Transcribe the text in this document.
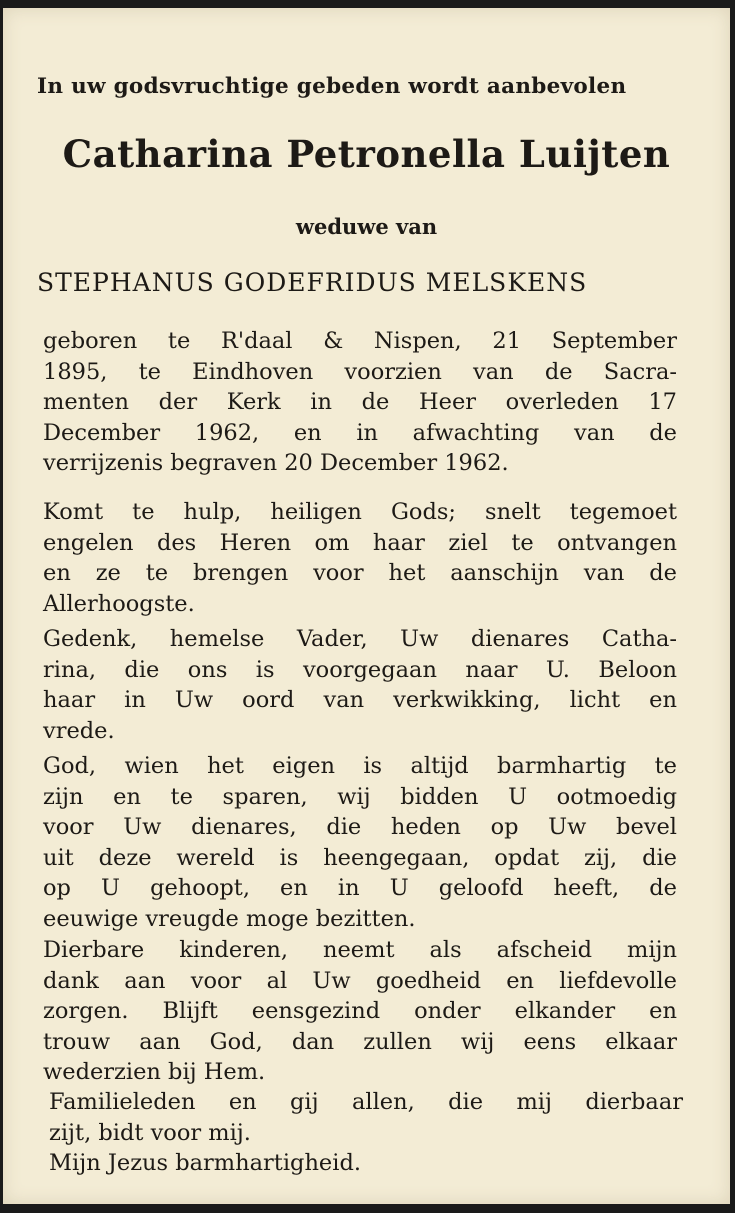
In uw godsvruchtige gebeden wordt aanbevolen
Catharina Petronella Luijten
weduwe van
STEPHANUS GODEFRIDUS MELSKENS
geboren te R'daal & Nispen, 21 September
1895, te Eindhoven voorzien van de Sacra-
menten der Kerk in de Heer overleden 17
December 1962, en in afwachting van de
verrijzenis begraven 20 December 1962.
Komt te hulp, heiligen Gods; snelt tegemoet
engelen des Heren om haar ziel te ontvangen
en ze te brengen voor het aanschijn van de
Allerhoogste.
Gedenk, hemelse Vader, Uw dienares Catha-
rina, die ons is voorgegaan naar U. Beloon
haar in Uw oord van verkwikking, licht en
vrede.
God, wien het eigen is altijd barmhartig te
zijn en te sparen, wij bidden U ootmoedig
voor Uw dienares, die heden op Uw bevel
uit deze wereld is heengegaan, opdat zij, die
op U gehoopt, en in U geloofd heeft, de
eeuwige vreugde moge bezitten.
Dierbare kinderen, neemt als afscheid mijn
dank aan voor al Uw goedheid en liefdevolle
zorgen. Blijft eensgezind onder elkander en
trouw aan God, dan zullen wij eens elkaar
wederzien bij Hem.
Familieleden en gij allen, die mij dierbaar
zijt, bidt voor mij.
Mijn Jezus barmhartigheid.
